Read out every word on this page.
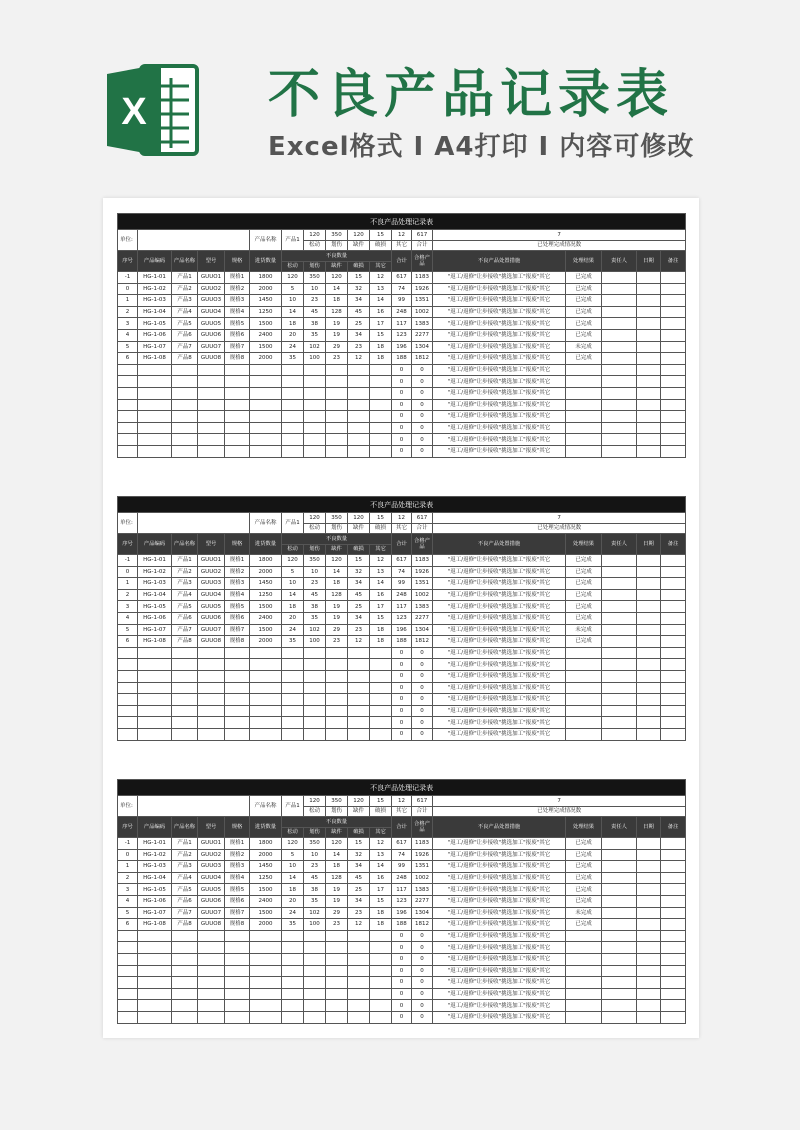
X 不良产品记录表
Excel格式 I A4打印 I 内容可修改
不良产品处理记录表																	
单位:					产品名称	产品1	120	350	120	15	12	617	7				
							松动	划伤	缺件	破损	其它	合计	已处理完成情况数				
序号	产品编码	产品名称	型号	规格	进货数量	不良数量					合计	合格产品	不良产品处置措施	处理结果	责任人	日期	备注
						松动	划伤	缺件	破损	其它							
-1	HG-1-01	产品1	GUUO1	规格1	1800	120	350	120	15	12	617	1183	"返工/返修"让步接收"挑选加工"报废"其它	已完成			
0	HG-1-02	产品2	GUUO2	规格2	2000	5	10	14	32	13	74	1926	"返工/返修"让步接收"挑选加工"报废"其它	已完成			
1	HG-1-03	产品3	GUUO3	规格3	1450	10	23	18	34	14	99	1351	"返工/返修"让步接收"挑选加工"报废"其它	已完成			
2	HG-1-04	产品4	GUUO4	规格4	1250	14	45	128	45	16	248	1002	"返工/返修"让步接收"挑选加工"报废"其它	已完成			
3	HG-1-05	产品5	GUUO5	规格5	1500	18	38	19	25	17	117	1383	"返工/返修"让步接收"挑选加工"报废"其它	已完成			
4	HG-1-06	产品6	GUUO6	规格6	2400	20	35	19	34	15	123	2277	"返工/返修"让步接收"挑选加工"报废"其它	已完成			
5	HG-1-07	产品7	GUUO7	规格7	1500	24	102	29	23	18	196	1304	"返工/返修"让步接收"挑选加工"报废"其它	未完成			
6	HG-1-08	产品8	GUUO8	规格8	2000	35	100	23	12	18	188	1812	"返工/返修"让步接收"挑选加工"报废"其它	已完成			
											0	0	"返工/返修"让步接收"挑选加工"报废"其它				
											0	0	"返工/返修"让步接收"挑选加工"报废"其它				
											0	0	"返工/返修"让步接收"挑选加工"报废"其它				
											0	0	"返工/返修"让步接收"挑选加工"报废"其它				
											0	0	"返工/返修"让步接收"挑选加工"报废"其它				
											0	0	"返工/返修"让步接收"挑选加工"报废"其它				
											0	0	"返工/返修"让步接收"挑选加工"报废"其它				
											0	0	"返工/返修"让步接收"挑选加工"报废"其它				
不良产品处理记录表																	
单位:					产品名称	产品1	120	350	120	15	12	617	7				
							松动	划伤	缺件	破损	其它	合计	已处理完成情况数				
序号	产品编码	产品名称	型号	规格	进货数量	不良数量					合计	合格产品	不良产品处置措施	处理结果	责任人	日期	备注
						松动	划伤	缺件	破损	其它							
-1	HG-1-01	产品1	GUUO1	规格1	1800	120	350	120	15	12	617	1183	"返工/返修"让步接收"挑选加工"报废"其它	已完成			
0	HG-1-02	产品2	GUUO2	规格2	2000	5	10	14	32	13	74	1926	"返工/返修"让步接收"挑选加工"报废"其它	已完成			
1	HG-1-03	产品3	GUUO3	规格3	1450	10	23	18	34	14	99	1351	"返工/返修"让步接收"挑选加工"报废"其它	已完成			
2	HG-1-04	产品4	GUUO4	规格4	1250	14	45	128	45	16	248	1002	"返工/返修"让步接收"挑选加工"报废"其它	已完成			
3	HG-1-05	产品5	GUUO5	规格5	1500	18	38	19	25	17	117	1383	"返工/返修"让步接收"挑选加工"报废"其它	已完成			
4	HG-1-06	产品6	GUUO6	规格6	2400	20	35	19	34	15	123	2277	"返工/返修"让步接收"挑选加工"报废"其它	已完成			
5	HG-1-07	产品7	GUUO7	规格7	1500	24	102	29	23	18	196	1304	"返工/返修"让步接收"挑选加工"报废"其它	未完成			
6	HG-1-08	产品8	GUUO8	规格8	2000	35	100	23	12	18	188	1812	"返工/返修"让步接收"挑选加工"报废"其它	已完成			
											0	0	"返工/返修"让步接收"挑选加工"报废"其它				
											0	0	"返工/返修"让步接收"挑选加工"报废"其它				
											0	0	"返工/返修"让步接收"挑选加工"报废"其它				
											0	0	"返工/返修"让步接收"挑选加工"报废"其它				
											0	0	"返工/返修"让步接收"挑选加工"报废"其它				
											0	0	"返工/返修"让步接收"挑选加工"报废"其它				
											0	0	"返工/返修"让步接收"挑选加工"报废"其它				
											0	0	"返工/返修"让步接收"挑选加工"报废"其它				
不良产品处理记录表																	
单位:					产品名称	产品1	120	350	120	15	12	617	7				
							松动	划伤	缺件	破损	其它	合计	已处理完成情况数				
序号	产品编码	产品名称	型号	规格	进货数量	不良数量					合计	合格产品	不良产品处置措施	处理结果	责任人	日期	备注
						松动	划伤	缺件	破损	其它							
-1	HG-1-01	产品1	GUUO1	规格1	1800	120	350	120	15	12	617	1183	"返工/返修"让步接收"挑选加工"报废"其它	已完成			
0	HG-1-02	产品2	GUUO2	规格2	2000	5	10	14	32	13	74	1926	"返工/返修"让步接收"挑选加工"报废"其它	已完成			
1	HG-1-03	产品3	GUUO3	规格3	1450	10	23	18	34	14	99	1351	"返工/返修"让步接收"挑选加工"报废"其它	已完成			
2	HG-1-04	产品4	GUUO4	规格4	1250	14	45	128	45	16	248	1002	"返工/返修"让步接收"挑选加工"报废"其它	已完成			
3	HG-1-05	产品5	GUUO5	规格5	1500	18	38	19	25	17	117	1383	"返工/返修"让步接收"挑选加工"报废"其它	已完成			
4	HG-1-06	产品6	GUUO6	规格6	2400	20	35	19	34	15	123	2277	"返工/返修"让步接收"挑选加工"报废"其它	已完成			
5	HG-1-07	产品7	GUUO7	规格7	1500	24	102	29	23	18	196	1304	"返工/返修"让步接收"挑选加工"报废"其它	未完成			
6	HG-1-08	产品8	GUUO8	规格8	2000	35	100	23	12	18	188	1812	"返工/返修"让步接收"挑选加工"报废"其它	已完成			
											0	0	"返工/返修"让步接收"挑选加工"报废"其它				
											0	0	"返工/返修"让步接收"挑选加工"报废"其它				
											0	0	"返工/返修"让步接收"挑选加工"报废"其它				
											0	0	"返工/返修"让步接收"挑选加工"报废"其它				
											0	0	"返工/返修"让步接收"挑选加工"报废"其它				
											0	0	"返工/返修"让步接收"挑选加工"报废"其它				
											0	0	"返工/返修"让步接收"挑选加工"报废"其它				
											0	0	"返工/返修"让步接收"挑选加工"报废"其它				
